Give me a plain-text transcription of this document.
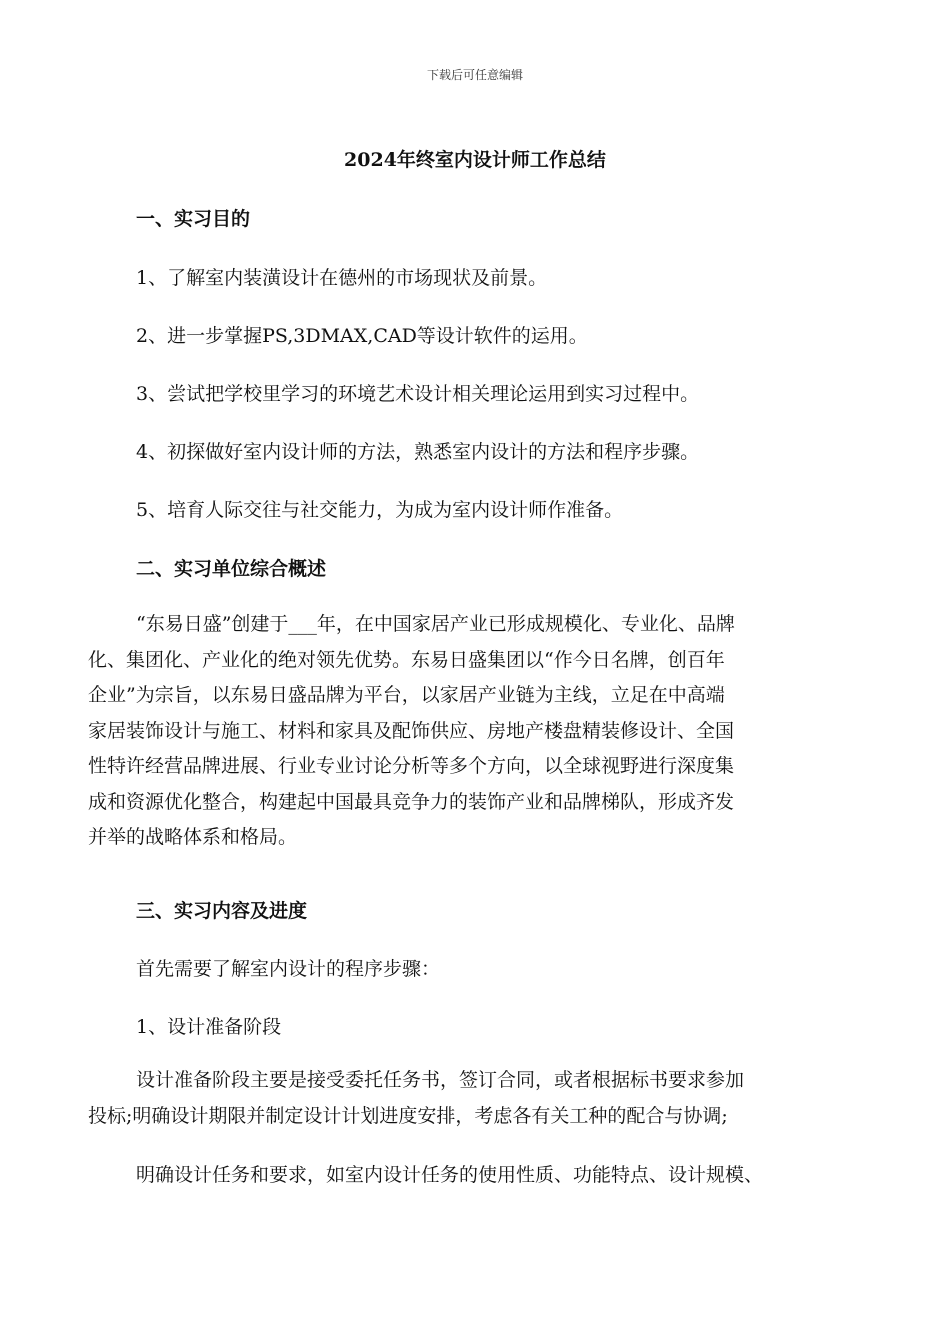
下载后可任意编辑
2024年终室内设计师工作总结
一、实习目的
1、了解室内装潢设计在德州的市场现状及前景。
2、进一步掌握PS,3DMAX,CAD等设计软件的运用。
3、尝试把学校里学习的环境艺术设计相关理论运用到实习过程中。
4、初探做好室内设计师的方法，熟悉室内设计的方法和程序步骤。
5、培育人际交往与社交能力，为成为室内设计师作准备。
二、实习单位综合概述
“东易日盛”创建于___年，在中国家居产业已形成规模化、专业化、品牌
化、集团化、产业化的绝对领先优势。东易日盛集团以“作今日名牌，创百年
企业”为宗旨，以东易日盛品牌为平台，以家居产业链为主线，立足在中高端
家居装饰设计与施工、材料和家具及配饰供应、房地产楼盘精装修设计、全国
性特许经营品牌进展、行业专业讨论分析等多个方向，以全球视野进行深度集
成和资源优化整合，构建起中国最具竞争力的装饰产业和品牌梯队，形成齐发
并举的战略体系和格局。
三、实习内容及进度
首先需要了解室内设计的程序步骤：
1、设计准备阶段
设计准备阶段主要是接受委托任务书，签订合同，或者根据标书要求参加
投标;明确设计期限并制定设计计划进度安排，考虑各有关工种的配合与协调;
明确设计任务和要求，如室内设计任务的使用性质、功能特点、设计规模、
